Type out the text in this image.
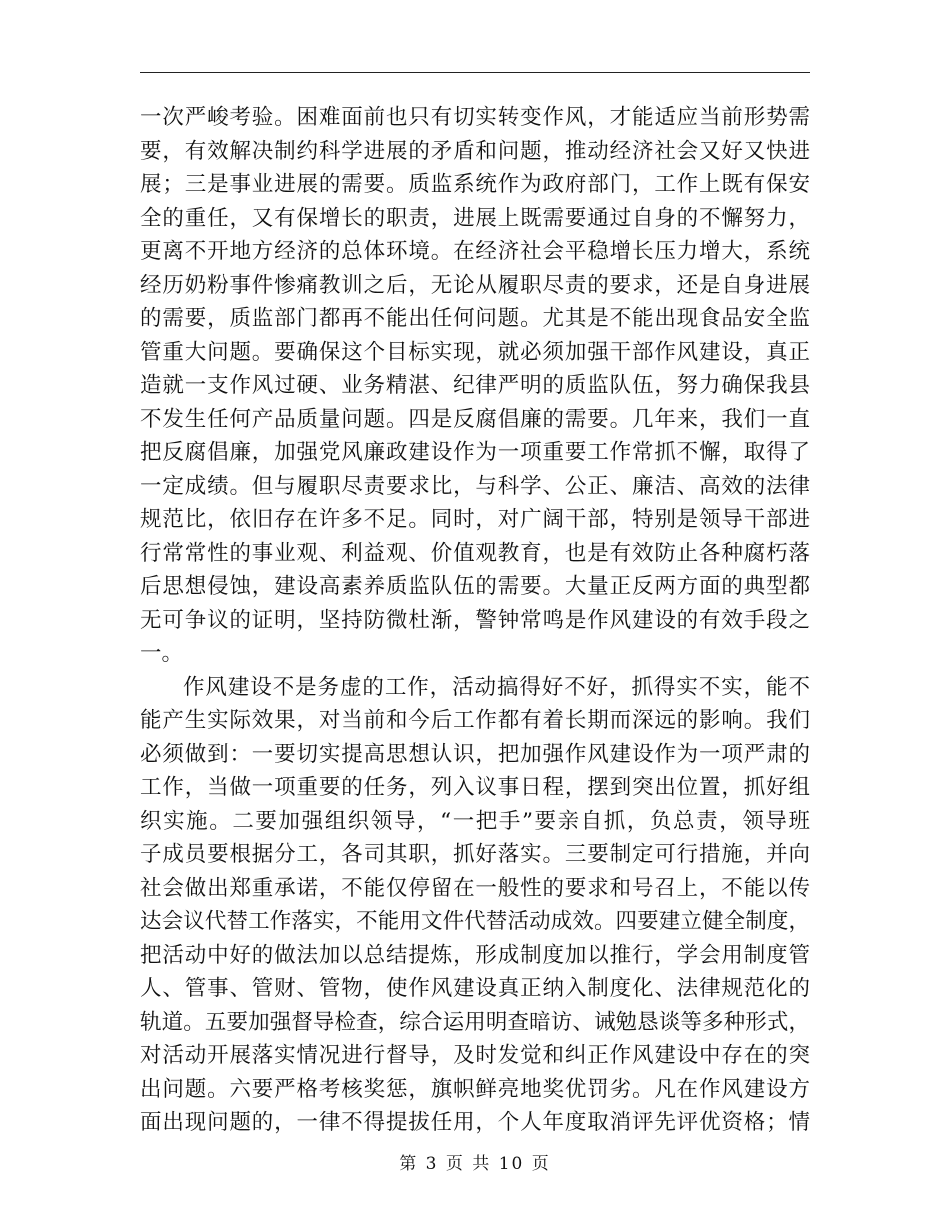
一次严峻考验。困难面前也只有切实转变作风，才能适应当前形势需
要，有效解决制约科学进展的矛盾和问题，推动经济社会又好又快进
展；三是事业进展的需要。质监系统作为政府部门，工作上既有保安
全的重任，又有保增长的职责，进展上既需要通过自身的不懈努力，
更离不开地方经济的总体环境。在经济社会平稳增长压力增大，系统
经历奶粉事件惨痛教训之后，无论从履职尽责的要求，还是自身进展
的需要，质监部门都再不能出任何问题。尤其是不能出现食品安全监
管重大问题。要确保这个目标实现，就必须加强干部作风建设，真正
造就一支作风过硬、业务精湛、纪律严明的质监队伍，努力确保我县
不发生任何产品质量问题。四是反腐倡廉的需要。几年来，我们一直
把反腐倡廉，加强党风廉政建设作为一项重要工作常抓不懈，取得了
一定成绩。但与履职尽责要求比，与科学、公正、廉洁、高效的法律
规范比，依旧存在许多不足。同时，对广阔干部，特别是领导干部进
行常常性的事业观、利益观、价值观教育，也是有效防止各种腐朽落
后思想侵蚀，建设高素养质监队伍的需要。大量正反两方面的典型都
无可争议的证明，坚持防微杜渐，警钟常鸣是作风建设的有效手段之
一。
作风建设不是务虚的工作，活动搞得好不好，抓得实不实，能不
能产生实际效果，对当前和今后工作都有着长期而深远的影响。我们
必须做到：一要切实提高思想认识，把加强作风建设作为一项严肃的
工作，当做一项重要的任务，列入议事日程，摆到突出位置，抓好组
织实施。二要加强组织领导，“一把手”要亲自抓，负总责，领导班
子成员要根据分工，各司其职，抓好落实。三要制定可行措施，并向
社会做出郑重承诺，不能仅停留在一般性的要求和号召上，不能以传
达会议代替工作落实，不能用文件代替活动成效。四要建立健全制度，
把活动中好的做法加以总结提炼，形成制度加以推行，学会用制度管
人、管事、管财、管物，使作风建设真正纳入制度化、法律规范化的
轨道。五要加强督导检查，综合运用明查暗访、诫勉恳谈等多种形式，
对活动开展落实情况进行督导，及时发觉和纠正作风建设中存在的突
出问题。六要严格考核奖惩，旗帜鲜亮地奖优罚劣。凡在作风建设方
面出现问题的，一律不得提拔任用，个人年度取消评先评优资格；情
第 3 页 共 10 页
